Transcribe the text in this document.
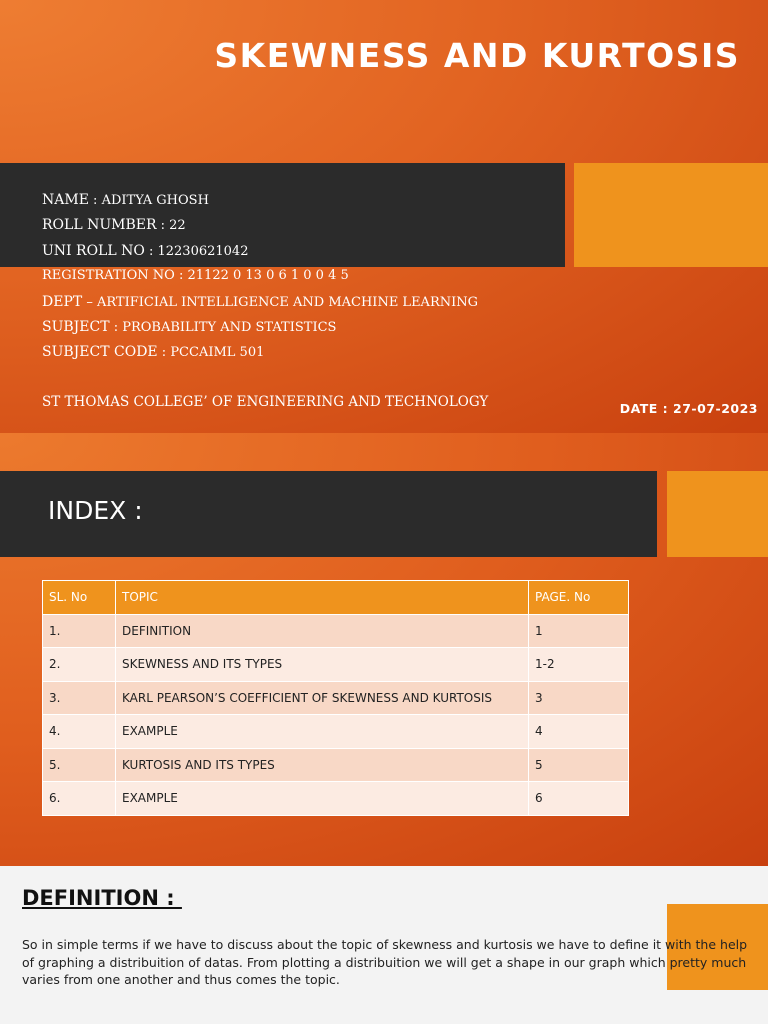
SKEWNESS AND KURTOSIS
NAME : ADITYA GHOSH
ROLL NUMBER : 22
UNI ROLL NO : 12230621042
REGISTRATION NO : 21122 0 13 0 6 1 0 0 4 5
DEPT – ARTIFICIAL INTELLIGENCE AND MACHINE LEARNING
SUBJECT : PROBABILITY AND STATISTICS
SUBJECT CODE : PCCAIML 501
ST THOMAS COLLEGE’ OF ENGINEERING AND TECHNOLOGY	DATE : 27-07-2023
INDEX :
SL. No	TOPIC	PAGE. No
1.	DEFINITION	1
2.	SKEWNESS AND ITS TYPES	1-2
3.	KARL PEARSON’S COEFFICIENT OF SKEWNESS AND KURTOSIS	3
4.	EXAMPLE	4
5.	KURTOSIS AND ITS TYPES	5
6.	EXAMPLE	6
DEFINITION :

So in simple terms if we have to discuss about the topic of skewness and kurtosis we have to define it with the help of graphing a distribuition of datas. From plotting a distribuition we will get a shape in our graph which pretty much varies from one another and thus comes the topic.
